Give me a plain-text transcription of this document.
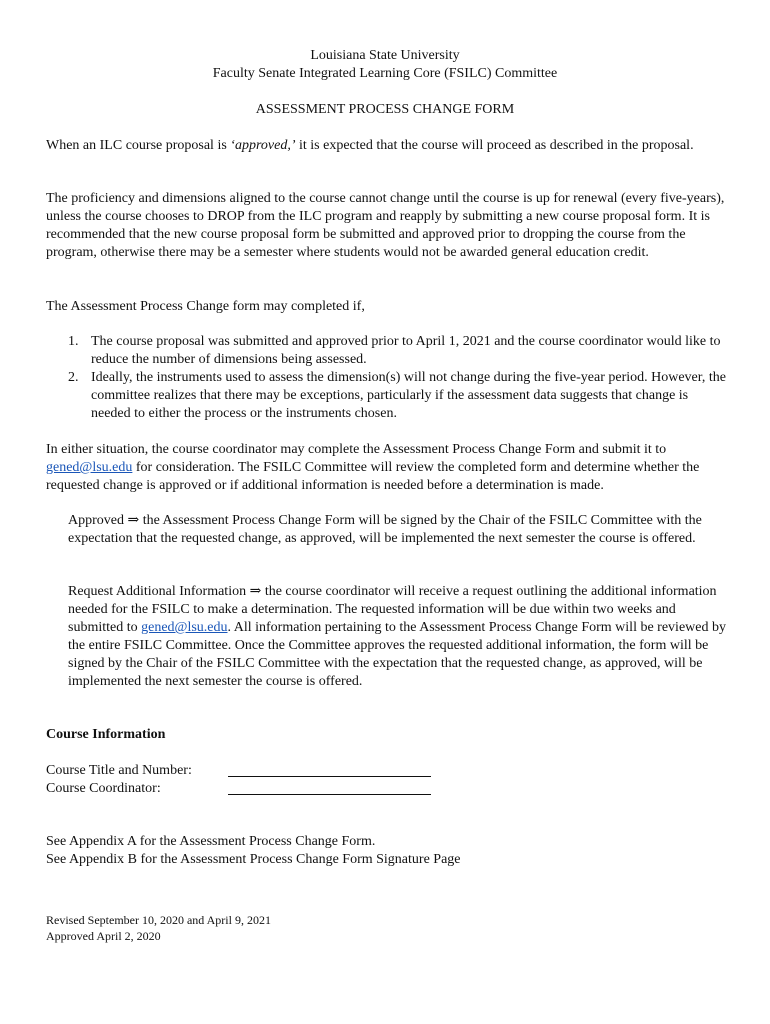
Louisiana State University
Faculty Senate Integrated Learning Core (FSILC) Committee
ASSESSMENT PROCESS CHANGE FORM

When an ILC course proposal is ‘approved,’ it is expected that the course will proceed as described in the proposal.

The proficiency and dimensions aligned to the course cannot change until the course is up for renewal (every five-years), unless the course chooses to DROP from the ILC program and reapply by submitting a new course proposal form. It is recommended that the new course proposal form be submitted and approved prior to dropping the course from the program, otherwise there may be a semester where students would not be awarded general education credit.

The Assessment Process Change form may completed if,

1. The course proposal was submitted and approved prior to April 1, 2021 and the course coordinator would like to reduce the number of dimensions being assessed.
2. Ideally, the instruments used to assess the dimension(s) will not change during the five-year period. However, the committee realizes that there may be exceptions, particularly if the assessment data suggests that change is needed to either the process or the instruments chosen.

In either situation, the course coordinator may complete the Assessment Process Change Form and submit it to gened@lsu.edu for consideration. The FSILC Committee will review the completed form and determine whether the requested change is approved or if additional information is needed before a determination is made.

Approved ⇒ the Assessment Process Change Form will be signed by the Chair of the FSILC Committee with the expectation that the requested change, as approved, will be implemented the next semester the course is offered.

Request Additional Information ⇒ the course coordinator will receive a request outlining the additional information needed for the FSILC to make a determination. The requested information will be due within two weeks and submitted to gened@lsu.edu. All information pertaining to the Assessment Process Change Form will be reviewed by the entire FSILC Committee. Once the Committee approves the requested additional information, the form will be signed by the Chair of the FSILC Committee with the expectation that the requested change, as approved, will be implemented the next semester the course is offered.

Course Information
Course Title and Number:
Course Coordinator:
See Appendix A for the Assessment Process Change Form.
See Appendix B for the Assessment Process Change Form Signature Page
Revised September 10, 2020 and April 9, 2021
Approved April 2, 2020
